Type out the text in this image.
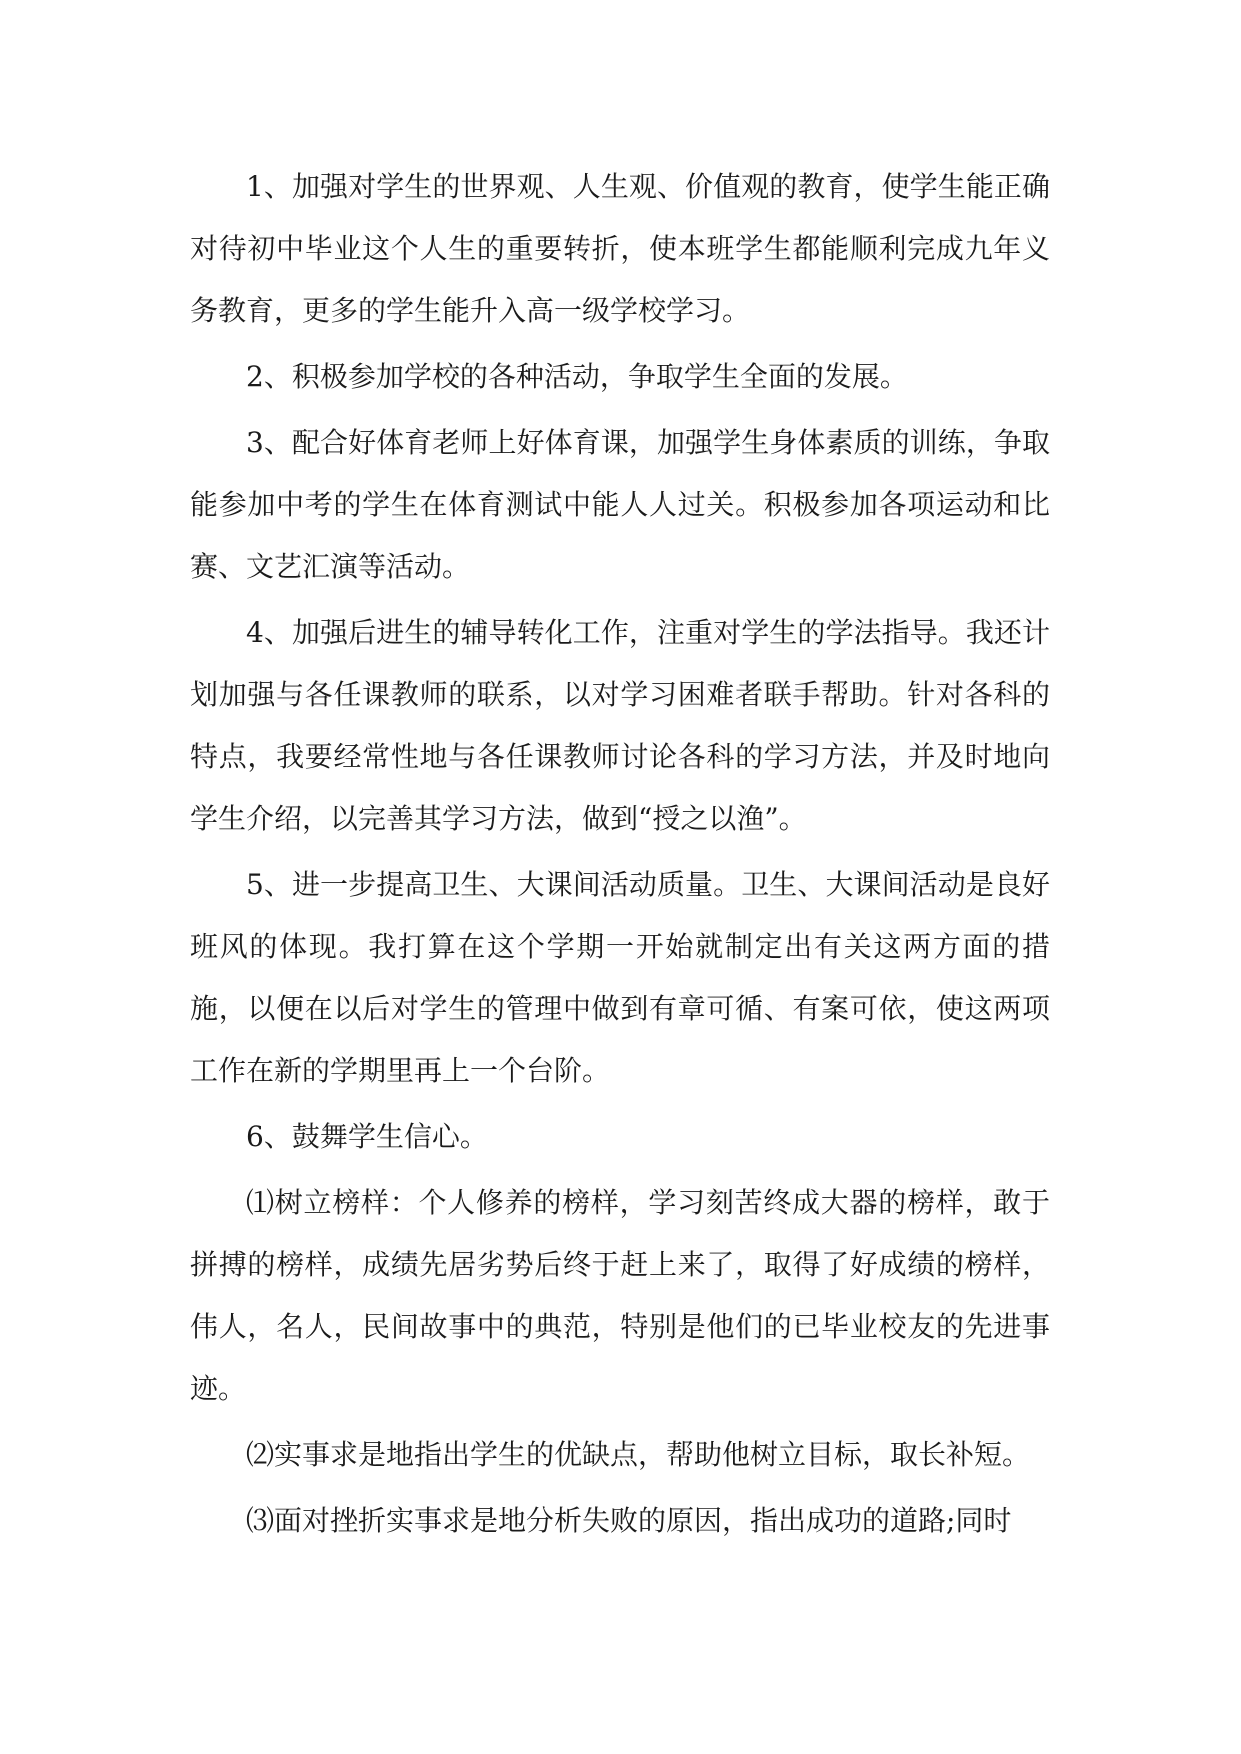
1、加强对学生的世界观、人生观、价值观的教育，使学生能正确对待初中毕业这个人生的重要转折，使本班学生都能顺利完成九年义务教育，更多的学生能升入高一级学校学习。

2、积极参加学校的各种活动，争取学生全面的发展。

3、配合好体育老师上好体育课，加强学生身体素质的训练，争取能参加中考的学生在体育测试中能人人过关。积极参加各项运动和比赛、文艺汇演等活动。

4、加强后进生的辅导转化工作，注重对学生的学法指导。我还计划加强与各任课教师的联系，以对学习困难者联手帮助。针对各科的特点，我要经常性地与各任课教师讨论各科的学习方法，并及时地向学生介绍，以完善其学习方法，做到“授之以渔”。

5、进一步提高卫生、大课间活动质量。卫生、大课间活动是良好班风的体现。我打算在这个学期一开始就制定出有关这两方面的措施，以便在以后对学生的管理中做到有章可循、有案可依，使这两项工作在新的学期里再上一个台阶。

6、鼓舞学生信心。

⑴树立榜样：个人修养的榜样，学习刻苦终成大器的榜样，敢于拼搏的榜样，成绩先居劣势后终于赶上来了，取得了好成绩的榜样，伟人，名人，民间故事中的典范，特别是他们的已毕业校友的先进事迹。

⑵实事求是地指出学生的优缺点，帮助他树立目标，取长补短。

⑶面对挫折实事求是地分析失败的原因，指出成功的道路;同时
